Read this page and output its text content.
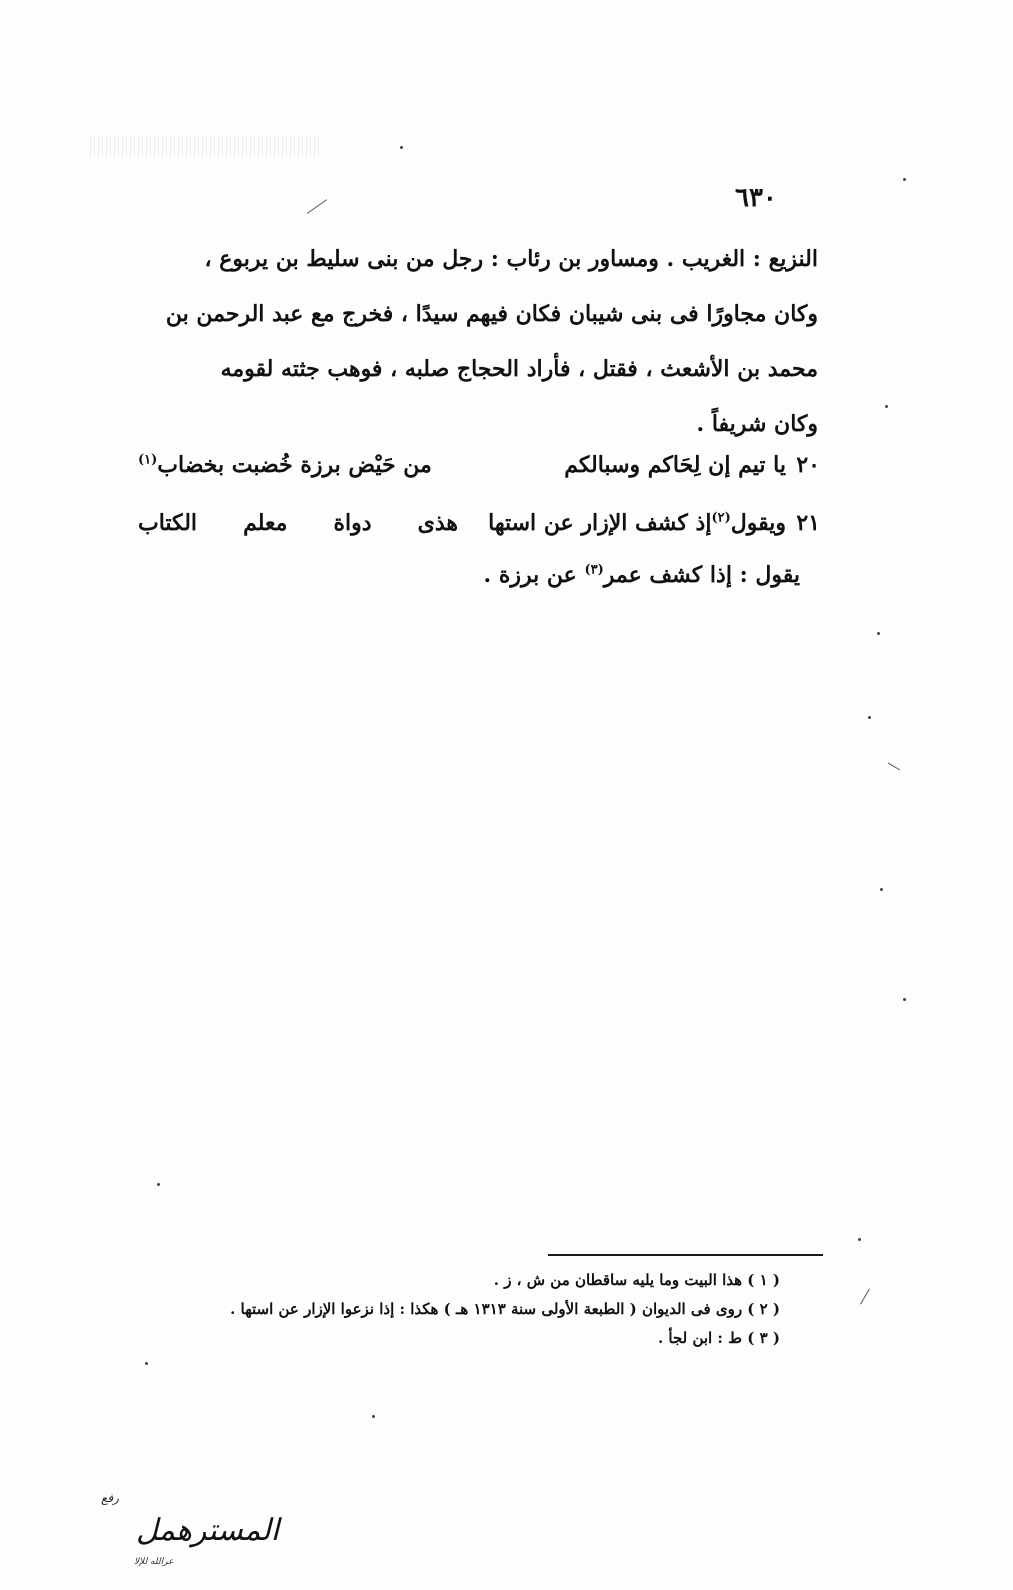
٦٣٠

النزيع : الغريب . ومساور بن رئاب : رجل من بنى سليط بن يربوع ،

وكان مجاورًا فى بنى شيبان فكان فيهم سيدًا ، فخرج مع عبد الرحمن بن

محمد بن الأشعث ، فقتل ، فأراد الحجاج صلبه ، فوهب جثته لقومه

وكان شريفاً .

٢٠
يا تيم إن لِحَاكم وسبالكم
من حَيْض برزة خُضبت بخضاب$^{(١)}$
٢١
ويقول$^{(٢)}$إذ كشف الإزار عن استها
هذى دواة معلم الكتاب
يقول : إذا كشف عمر$^{(٣)}$ عن برزة .
( ١ ) هذا البيت وما يليه ساقطان من ش ، ز .
( ٢ ) روى فى الديوان ( الطبعة الأولى سنة ١٣١٣ هـ ) هكذا : إذا نزعوا الإزار عن استها .
( ٣ ) ط : ابن لجأ .
رفع
المسترهمل
عرالله للإلا
